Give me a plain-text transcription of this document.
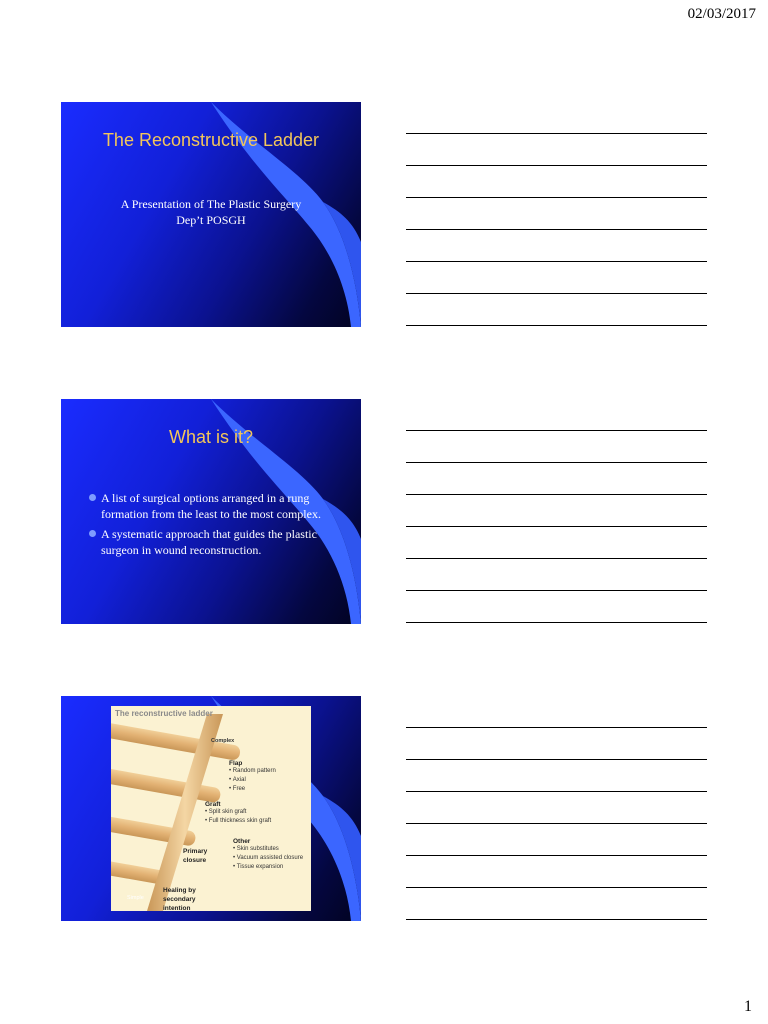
02/03/2017
The Reconstructive Ladder
A Presentation of The Plastic Surgery
Dep’t POSGH
What is it?
A list of surgical options arranged in a rung formation from the least to the most complex.
A systematic approach that guides the plastic surgeon in wound reconstruction.
The reconstructive ladder
Complex
Simple
Flap
• Random pattern
• Axial
• Free
Graft
• Split skin graft
• Full thickness skin graft
Other
• Skin substitutes
• Vacuum assisted closure
• Tissue expansion
Primary
closure
Healing by
secondary
intention
1
